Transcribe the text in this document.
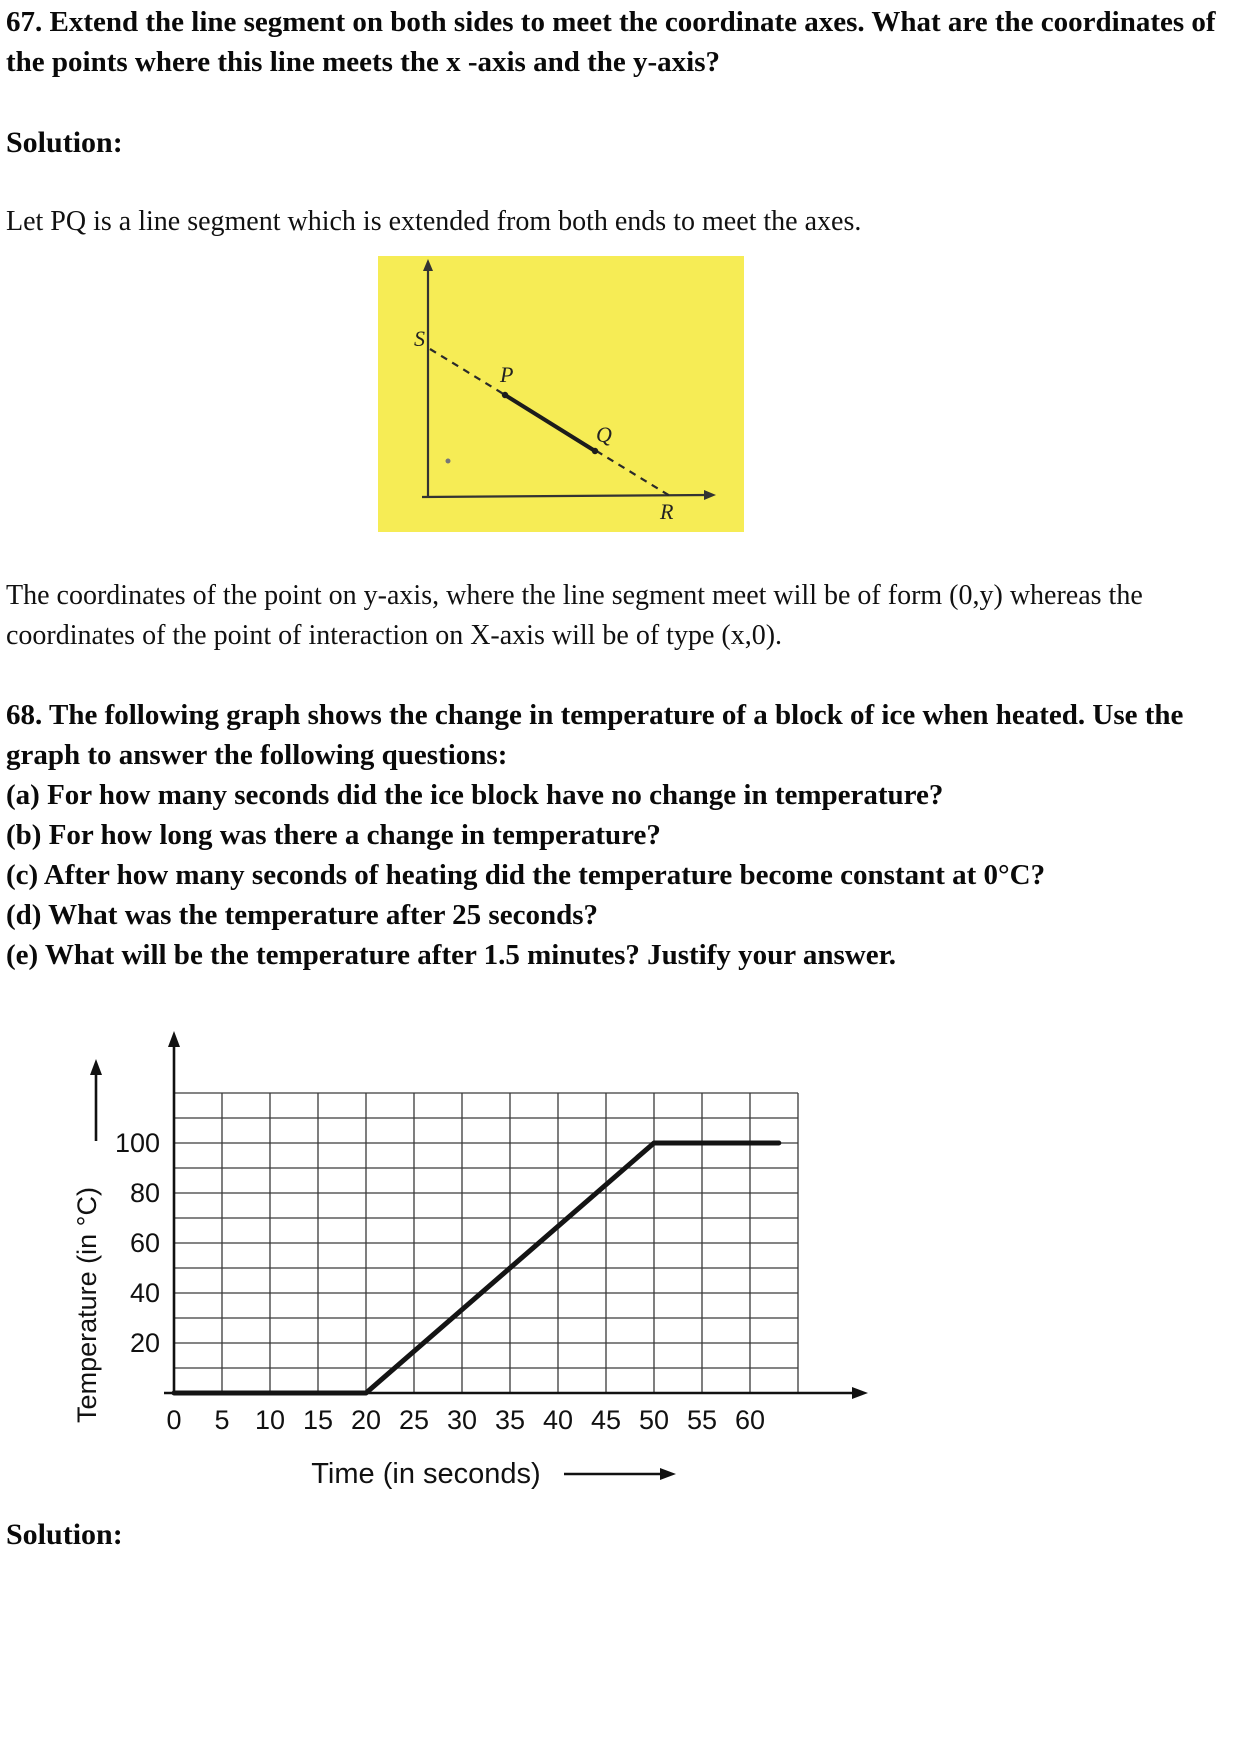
67. Extend the line segment on both sides to meet the coordinate axes. What are the coordinates of the points where this line meets the x -axis and the y-axis?
Solution:

Let PQ is a line segment which is extended from both ends to meet the axes.

S
P
Q
R

The coordinates of the point on y-axis, where the line segment meet will be of form (0,y) whereas the coordinates of the point of interaction on X-axis will be of type (x,0).

68. The following graph shows the change in temperature of a block of ice when heated. Use the graph to answer the following questions:
(a) For how many seconds did the ice block have no change in temperature?
(b) For how long was there a change in temperature?
(c) After how many seconds of heating did the temperature become constant at 0°C?
(d) What was the temperature after 25 seconds?
(e) What will be the temperature after 1.5 minutes? Justify your answer.
0 5 10 15 20 25 30 35 40 45 50 55 60
20
40
60
80
100
Temperature (in °C)
Time (in seconds)
Solution:
